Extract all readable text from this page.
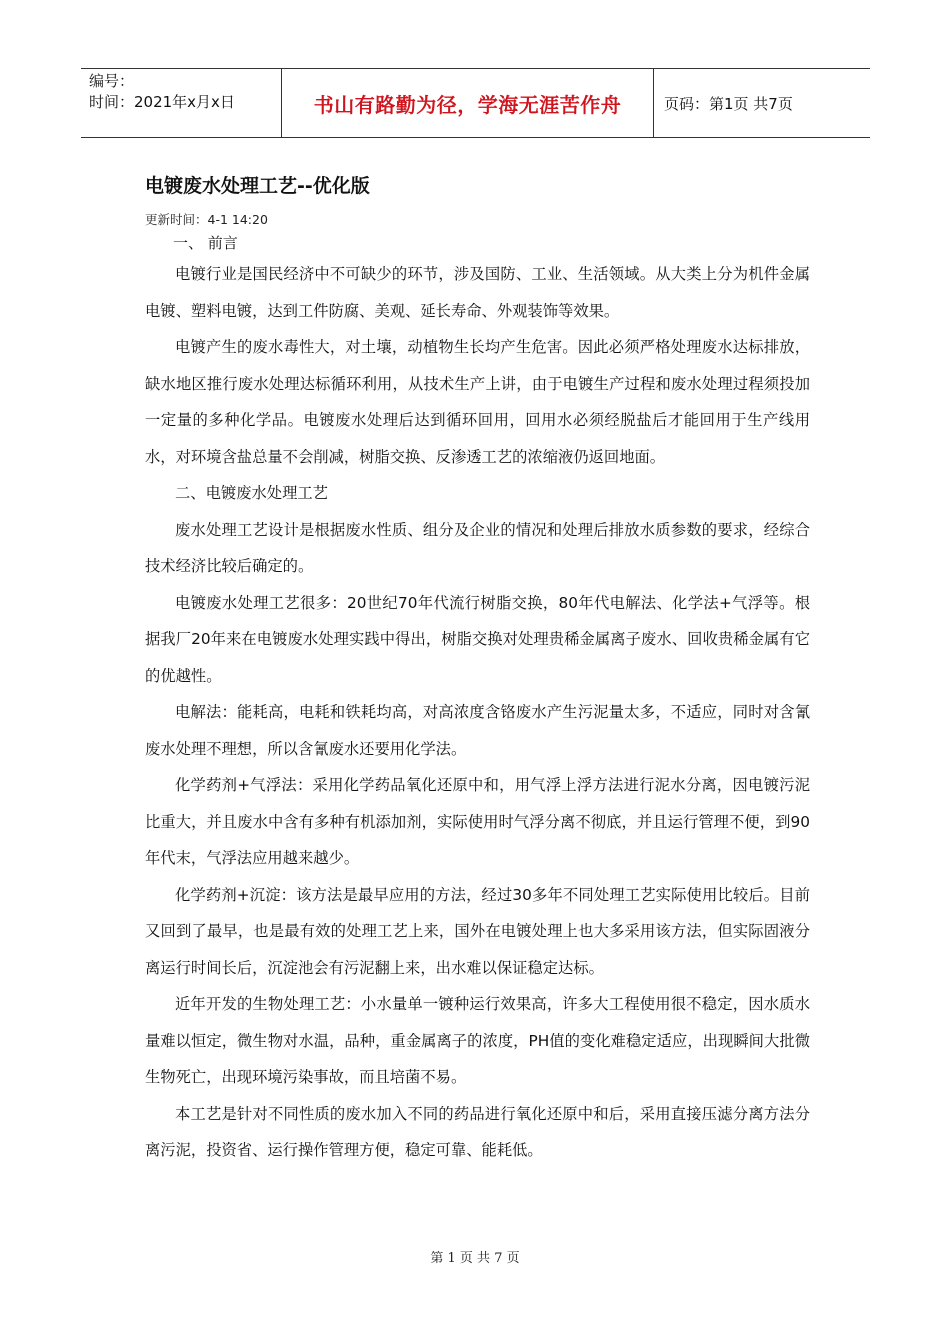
编号：
时间：2021年x月x日	书山有路勤为径，学海无涯苦作舟	页码：第1页 共7页
电镀废水处理工艺--优化版
更新时间：4-1 14:20
一、 前言

电镀行业是国民经济中不可缺少的环节，涉及国防、工业、生活领域。从大类上分为机件金属电镀、塑料电镀，达到工件防腐、美观、延长寿命、外观装饰等效果。

电镀产生的废水毒性大，对土壤，动植物生长均产生危害。因此必须严格处理废水达标排放，缺水地区推行废水处理达标循环利用，从技术生产上讲，由于电镀生产过程和废水处理过程须投加一定量的多种化学品。电镀废水处理后达到循环回用，回用水必须经脱盐后才能回用于生产线用水，对环境含盐总量不会削减，树脂交换、反渗透工艺的浓缩液仍返回地面。

二、电镀废水处理工艺

废水处理工艺设计是根据废水性质、组分及企业的情况和处理后排放水质参数的要求，经综合技术经济比较后确定的。

电镀废水处理工艺很多：20世纪70年代流行树脂交换，80年代电解法、化学法+气浮等。根据我厂20年来在电镀废水处理实践中得出，树脂交换对处理贵稀金属离子废水、回收贵稀金属有它的优越性。

电解法：能耗高，电耗和铁耗均高，对高浓度含铬废水产生污泥量太多，不适应，同时对含氰废水处理不理想，所以含氰废水还要用化学法。

化学药剂+气浮法：采用化学药品氧化还原中和，用气浮上浮方法进行泥水分离，因电镀污泥比重大，并且废水中含有多种有机添加剂，实际使用时气浮分离不彻底，并且运行管理不便，到90年代末，气浮法应用越来越少。

化学药剂+沉淀：该方法是最早应用的方法，经过30多年不同处理工艺实际使用比较后。目前又回到了最早，也是最有效的处理工艺上来，国外在电镀处理上也大多采用该方法，但实际固液分离运行时间长后，沉淀池会有污泥翻上来，出水难以保证稳定达标。

近年开发的生物处理工艺：小水量单一镀种运行效果高，许多大工程使用很不稳定，因水质水量难以恒定，微生物对水温，品种，重金属离子的浓度，PH值的变化难稳定适应，出现瞬间大批微生物死亡，出现环境污染事故，而且培菌不易。

本工艺是针对不同性质的废水加入不同的药品进行氧化还原中和后，采用直接压滤分离方法分离污泥，投资省、运行操作管理方便，稳定可靠、能耗低。

第 1 页 共 7 页
